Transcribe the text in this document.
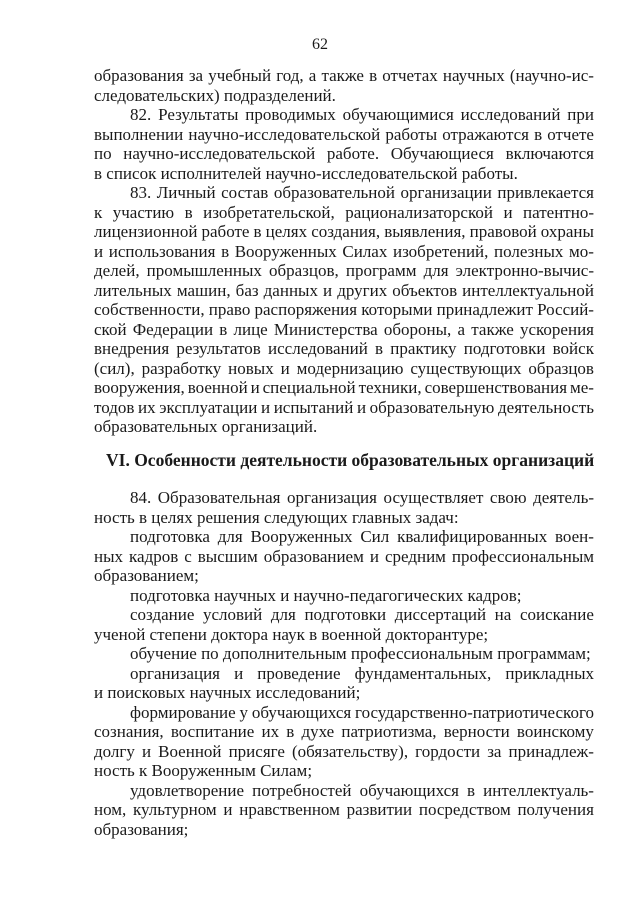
62
образования за учебный год, а также в отчетах научных (научно-ис-
следовательских) подразделений.
82. Результаты проводимых обучающимися исследований при
выполнении научно-исследовательской работы отражаются в отчете
по научно-исследовательской работе. Обучающиеся включаются
в список исполнителей научно-исследовательской работы.
83. Личный состав образовательной организации привлекается
к участию в изобретательской, рационализаторской и патентно-
лицензионной работе в целях создания, выявления, правовой охраны
и использования в Вооруженных Силах изобретений, полезных мо-
делей, промышленных образцов, программ для электронно-вычис-
лительных машин, баз данных и других объектов интеллектуальной
собственности, право распоряжения которыми принадлежит Россий-
ской Федерации в лице Министерства обороны, а также ускорения
внедрения результатов исследований в практику подготовки войск
(сил), разработку новых и модернизацию существующих образцов
вооружения, военной и специальной техники, совершенствования ме-
тодов их эксплуатации и испытаний и образовательную деятельность
образовательных организаций.
VI. Особенности деятельности образовательных организаций
84. Образовательная организация осуществляет свою деятель-
ность в целях решения следующих главных задач:
подготовка для Вооруженных Сил квалифицированных воен-
ных кадров с высшим образованием и средним профессиональным
образованием;
подготовка научных и научно-педагогических кадров;
создание условий для подготовки диссертаций на соискание
ученой степени доктора наук в военной докторантуре;
обучение по дополнительным профессиональным программам;
организация и проведение фундаментальных, прикладных
и поисковых научных исследований;
формирование у обучающихся государственно-патриотического
сознания, воспитание их в духе патриотизма, верности воинскому
долгу и Военной присяге (обязательству), гордости за принадлеж-
ность к Вооруженным Силам;
удовлетворение потребностей обучающихся в интеллектуаль-
ном, культурном и нравственном развитии посредством получения
образования;
